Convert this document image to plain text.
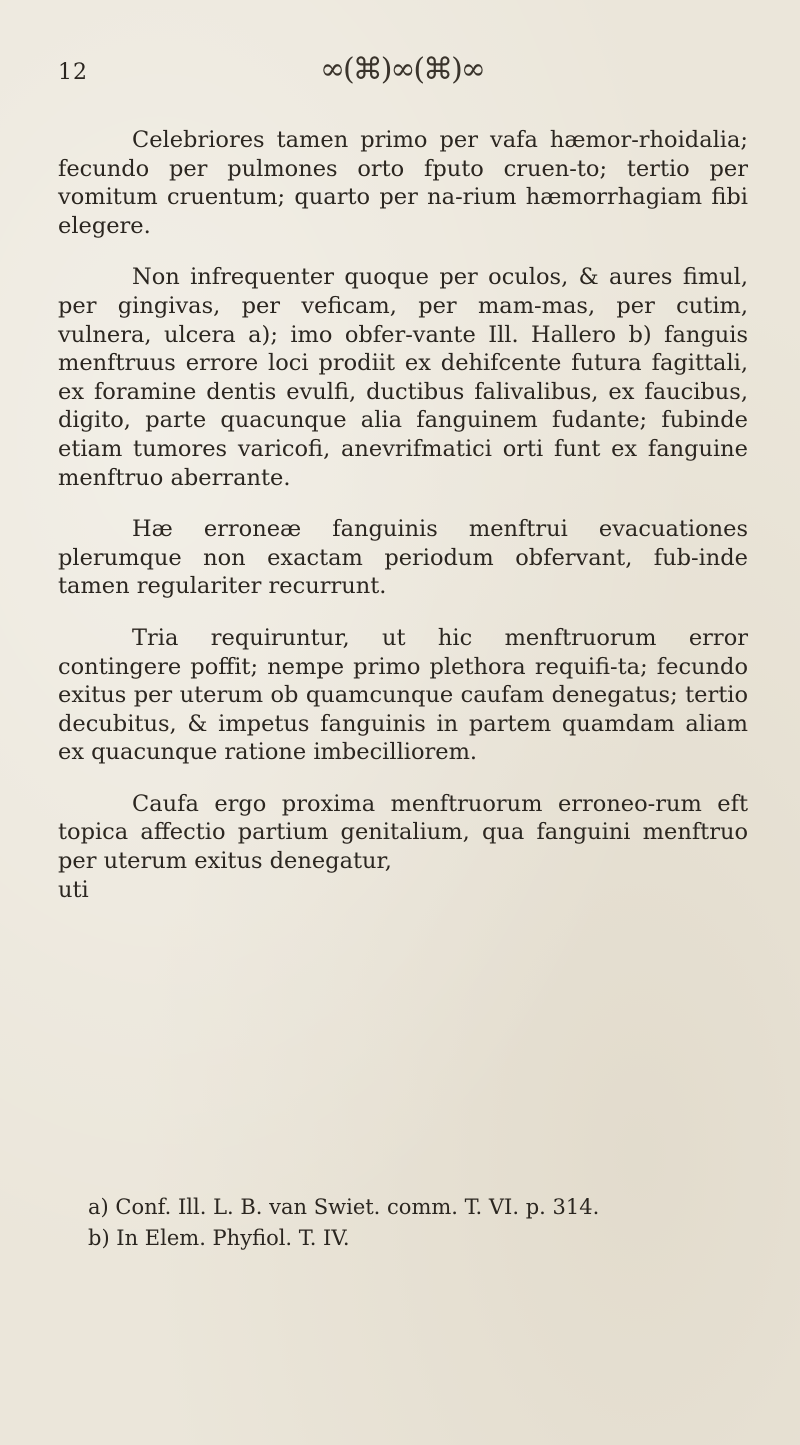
12	∞(⌘)∞(⌘)∞

Celebriores tamen primo per vafa hæmor-rhoidalia; fecundo per pulmones orto fputo cruen-to; tertio per vomitum cruentum; quarto per na-rium hæmorrhagiam fibi elegere.

Non infrequenter quoque per oculos, & aures fimul, per gingivas, per veficam, per mam-mas, per cutim, vulnera, ulcera a); imo obfer-vante Ill. Hallero b) fanguis menftruus errore loci prodiit ex dehifcente futura fagittali, ex foramine dentis evulfi, ductibus falivalibus, ex faucibus, digito, parte quacunque alia fanguinem fudante; fubinde etiam tumores varicofi, anevrifmatici orti funt ex fanguine menftruo aberrante.

Hæ erroneæ fanguinis menftrui evacuationes plerumque non exactam periodum obfervant, fub-inde tamen regulariter recurrunt.

Tria requiruntur, ut hic menftruorum error contingere poffit; nempe primo plethora requifi-ta; fecundo exitus per uterum ob quamcunque caufam denegatus; tertio decubitus, & impetus fanguinis in partem quamdam aliam ex quacunque ratione imbecilliorem.

Caufa ergo proxima menftruorum erroneo-rum eft topica affectio partium genitalium, qua fanguini menftruo per uterum exitus denegatur,

uti

a) Conf. Ill. L. B. van Swiet. comm. T. VI. p. 314.

b) In Elem. Phyfiol. T. IV.
